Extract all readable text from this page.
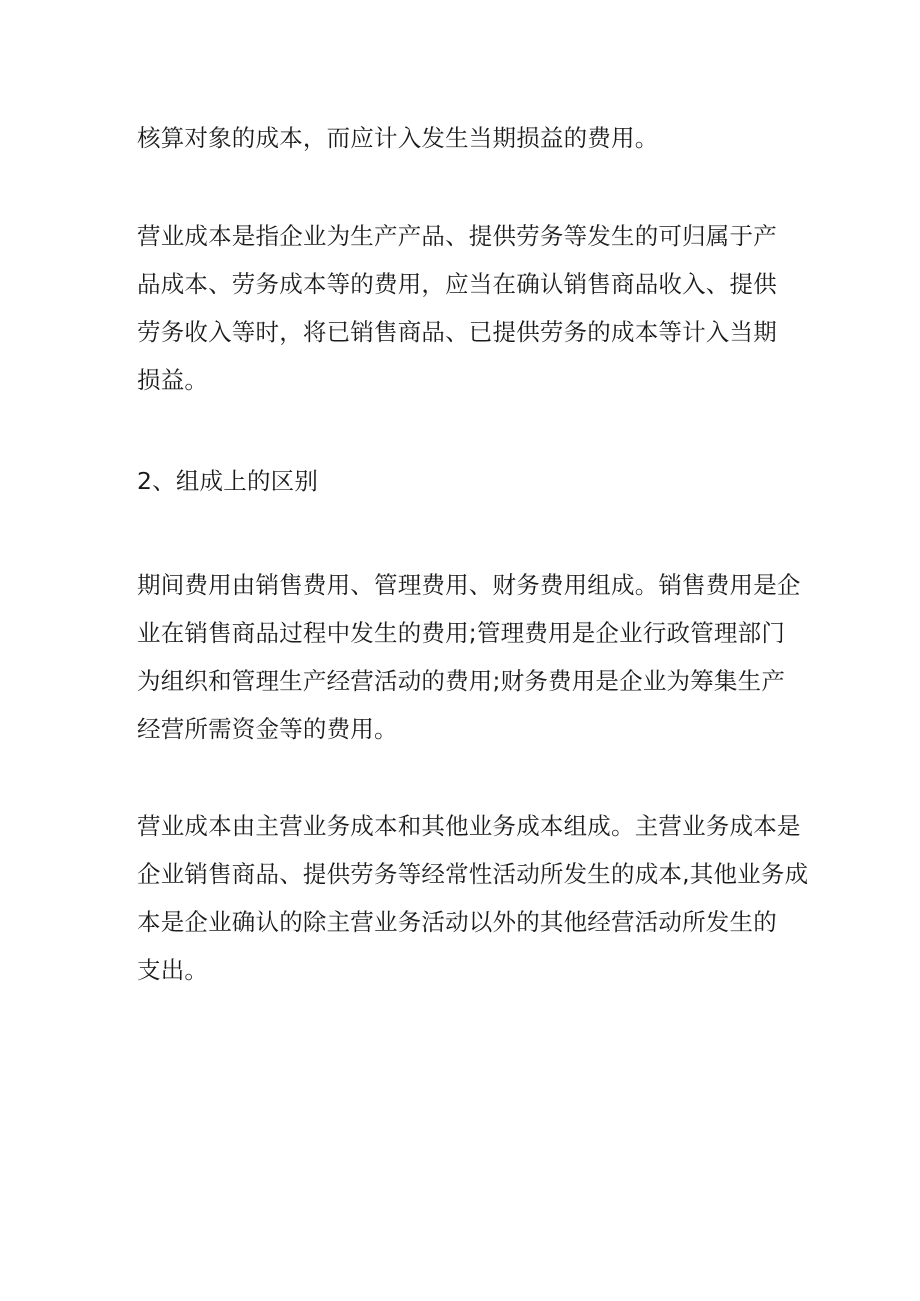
核算对象的成本，而应计入发生当期损益的费用。

营业成本是指企业为生产产品、提供劳务等发生的可归属于产
品成本、劳务成本等的费用，应当在确认销售商品收入、提供
劳务收入等时，将已销售商品、已提供劳务的成本等计入当期
损益。

2、组成上的区别

期间费用由销售费用、管理费用、财务费用组成。销售费用是企
业在销售商品过程中发生的费用;管理费用是企业行政管理部门
为组织和管理生产经营活动的费用;财务费用是企业为筹集生产
经营所需资金等的费用。

营业成本由主营业务成本和其他业务成本组成。主营业务成本是
企业销售商品、提供劳务等经常性活动所发生的成本,其他业务成
本是企业确认的除主营业务活动以外的其他经营活动所发生的
支出。
